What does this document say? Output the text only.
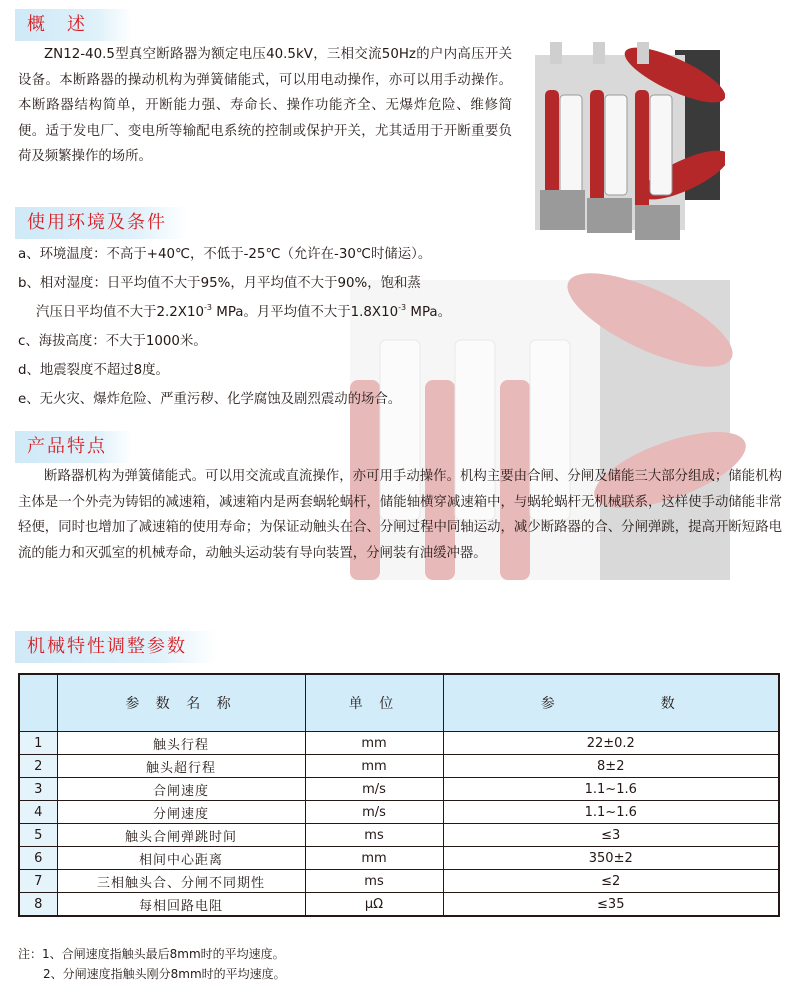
概　述

ZN12-40.5型真空断路器为额定电压40.5kV，三相交流50Hz的户内高压开关设备。本断路器的操动机构为弹簧储能式，可以用电动操作，亦可以用手动操作。本断路器结构简单，开断能力强、寿命长、操作功能齐全、无爆炸危险、维修简便。适于发电厂、变电所等输配电系统的控制或保护开关，尤其适用于开断重要负荷及频繁操作的场所。

使用环境及条件
a、环境温度：不高于+40℃，不低于-25℃（允许在-30℃时储运）。
b、相对湿度：日平均值不大于95%，月平均值不大于90%，饱和蒸
汽压日平均值不大于$2.2X10^{-3}$ MPa。月平均值不大于$1.8X10^{-3}$ MPa。
c、海拔高度：不大于1000米。
d、地震裂度不超过8度。
e、无火灾、爆炸危险、严重污秽、化学腐蚀及剧烈震动的场合。
产品特点

断路器机构为弹簧储能式。可以用交流或直流操作，亦可用手动操作。机构主要由合闸、分闸及储能三大部分组成；储能机构主体是一个外壳为铸铝的减速箱，减速箱内是两套蜗轮蜗杆，储能轴横穿减速箱中，与蜗轮蜗杆无机械联系，这样使手动储能非常轻便，同时也增加了减速箱的使用寿命；为保证动触头在合、分闸过程中同轴运动，减少断路器的合、分闸弹跳，提高开断短路电流的能力和灭弧室的机械寿命，动触头运动装有导向装置，分闸装有油缓冲器。

机械特性调整参数
	参 数 名 称	单 位	参　　　　　数
1	触头行程	mm	22±0.2
2	触头超行程	mm	8±2
3	合闸速度	m/s	1.1~1.6
4	分闸速度	m/s	1.1~1.6
5	触头合闸弹跳时间	ms	≤3
6	相间中心距离	mm	350±2
7	三相触头合、分闸不同期性	ms	≤2
8	每相回路电阻	μΩ	≤35
注：1、合闸速度指触头最后8mm时的平均速度。
2、分闸速度指触头刚分8mm时的平均速度。
